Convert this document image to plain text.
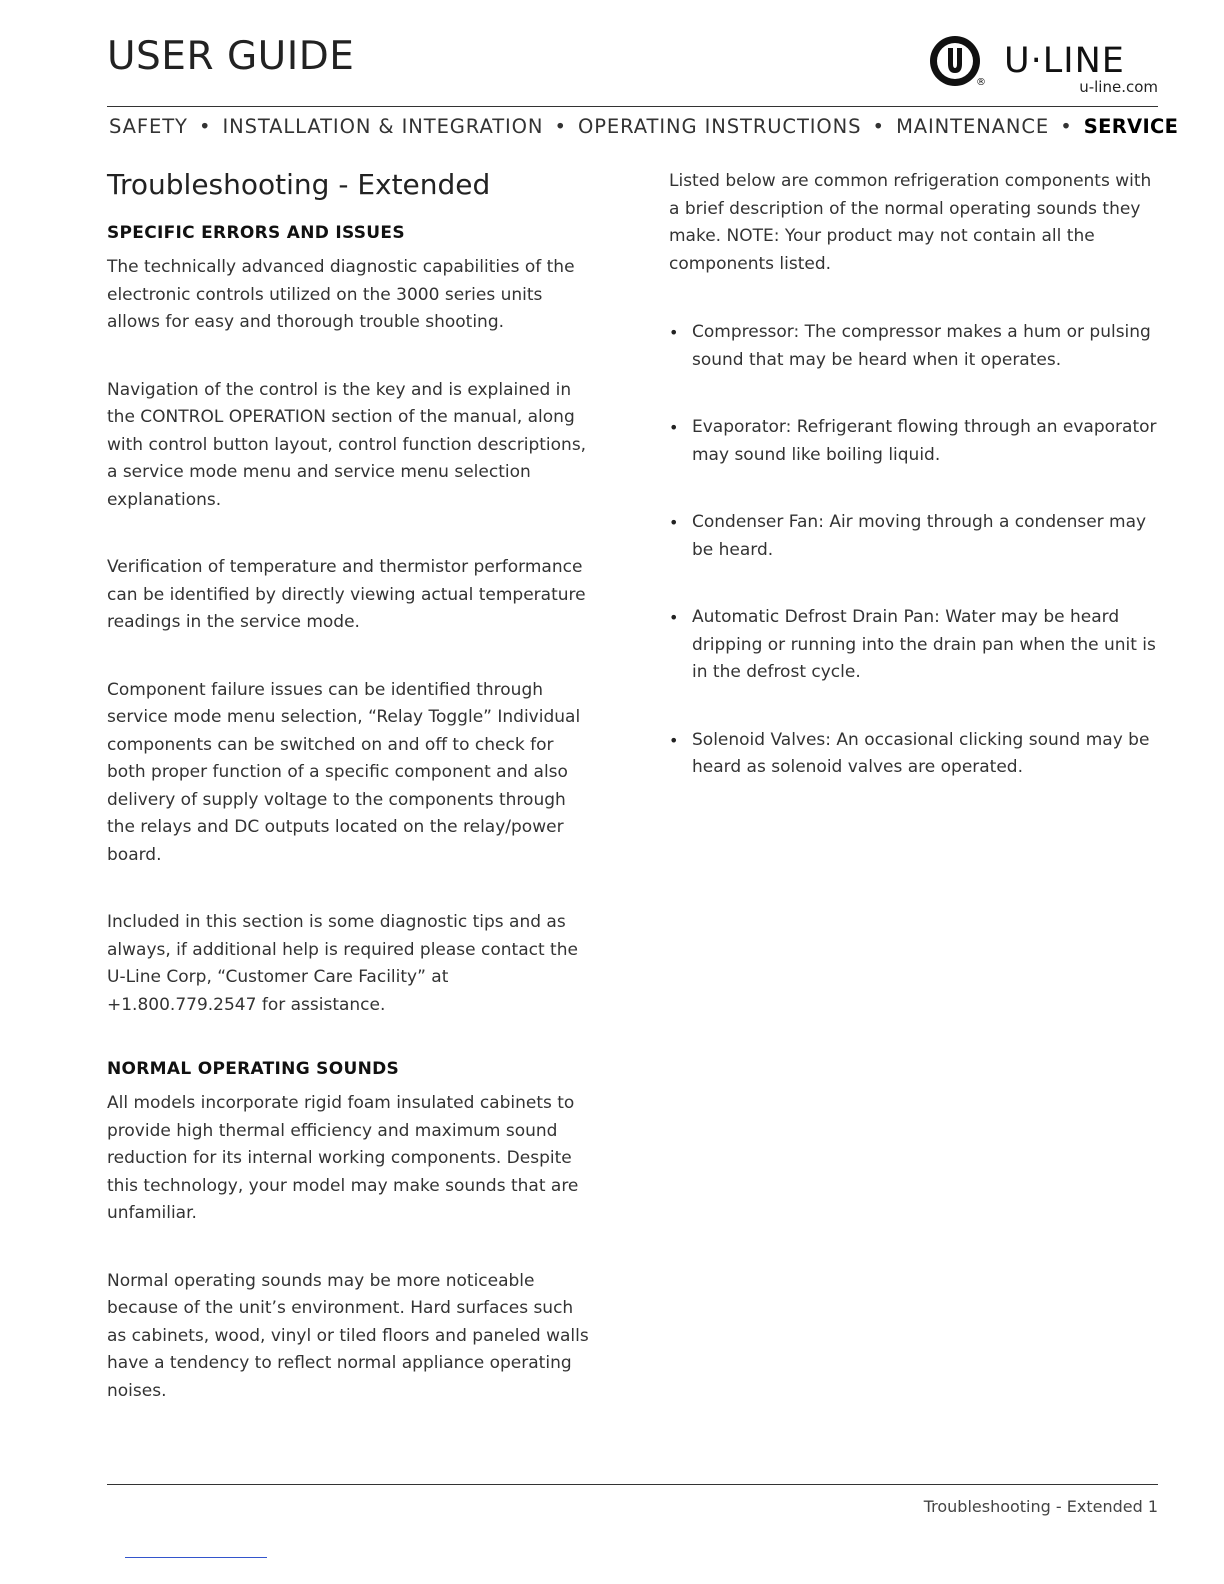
USER GUIDE
®
U·LINE
u-line.com
SAFETY • INSTALLATION & INTEGRATION • OPERATING INSTRUCTIONS • MAINTENANCE • SERVICE
Troubleshooting - Extended
SPECIFIC ERRORS AND ISSUES

The technically advanced diagnostic capabilities of the electronic controls utilized on the 3000 series units allows for easy and thorough trouble shooting.

Navigation of the control is the key and is explained in the CONTROL OPERATION section of the manual, along with control button layout, control function descriptions, a service mode menu and service menu selection explanations.

Verification of temperature and thermistor performance can be identified by directly viewing actual temperature readings in the service mode.

Component failure issues can be identified through service mode menu selection, “Relay Toggle” Individual components can be switched on and off to check for both proper function of a specific component and also delivery of supply voltage to the components through the relays and DC outputs located on the relay/power board.

Included in this section is some diagnostic tips and as always, if additional help is required please contact the U-Line Corp, “Customer Care Facility” at +1.800.779.2547 for assistance.

NORMAL OPERATING SOUNDS

All models incorporate rigid foam insulated cabinets to provide high thermal efficiency and maximum sound reduction for its internal working components. Despite this technology, your model may make sounds that are unfamiliar.

Normal operating sounds may be more noticeable because of the unit’s environment. Hard surfaces such as cabinets, wood, vinyl or tiled floors and paneled walls have a tendency to reflect normal appliance operating noises.

Listed below are common refrigeration components with a brief description of the normal operating sounds they make. NOTE: Your product may not contain all the components listed.

• Compressor: The compressor makes a hum or pulsing sound that may be heard when it operates.
• Evaporator: Refrigerant flowing through an evaporator may sound like boiling liquid.
• Condenser Fan: Air moving through a condenser may be heard.
• Automatic Defrost Drain Pan: Water may be heard dripping or running into the drain pan when the unit is in the defrost cycle.
• Solenoid Valves: An occasional clicking sound may be heard as solenoid valves are operated.
Troubleshooting - Extended 1
